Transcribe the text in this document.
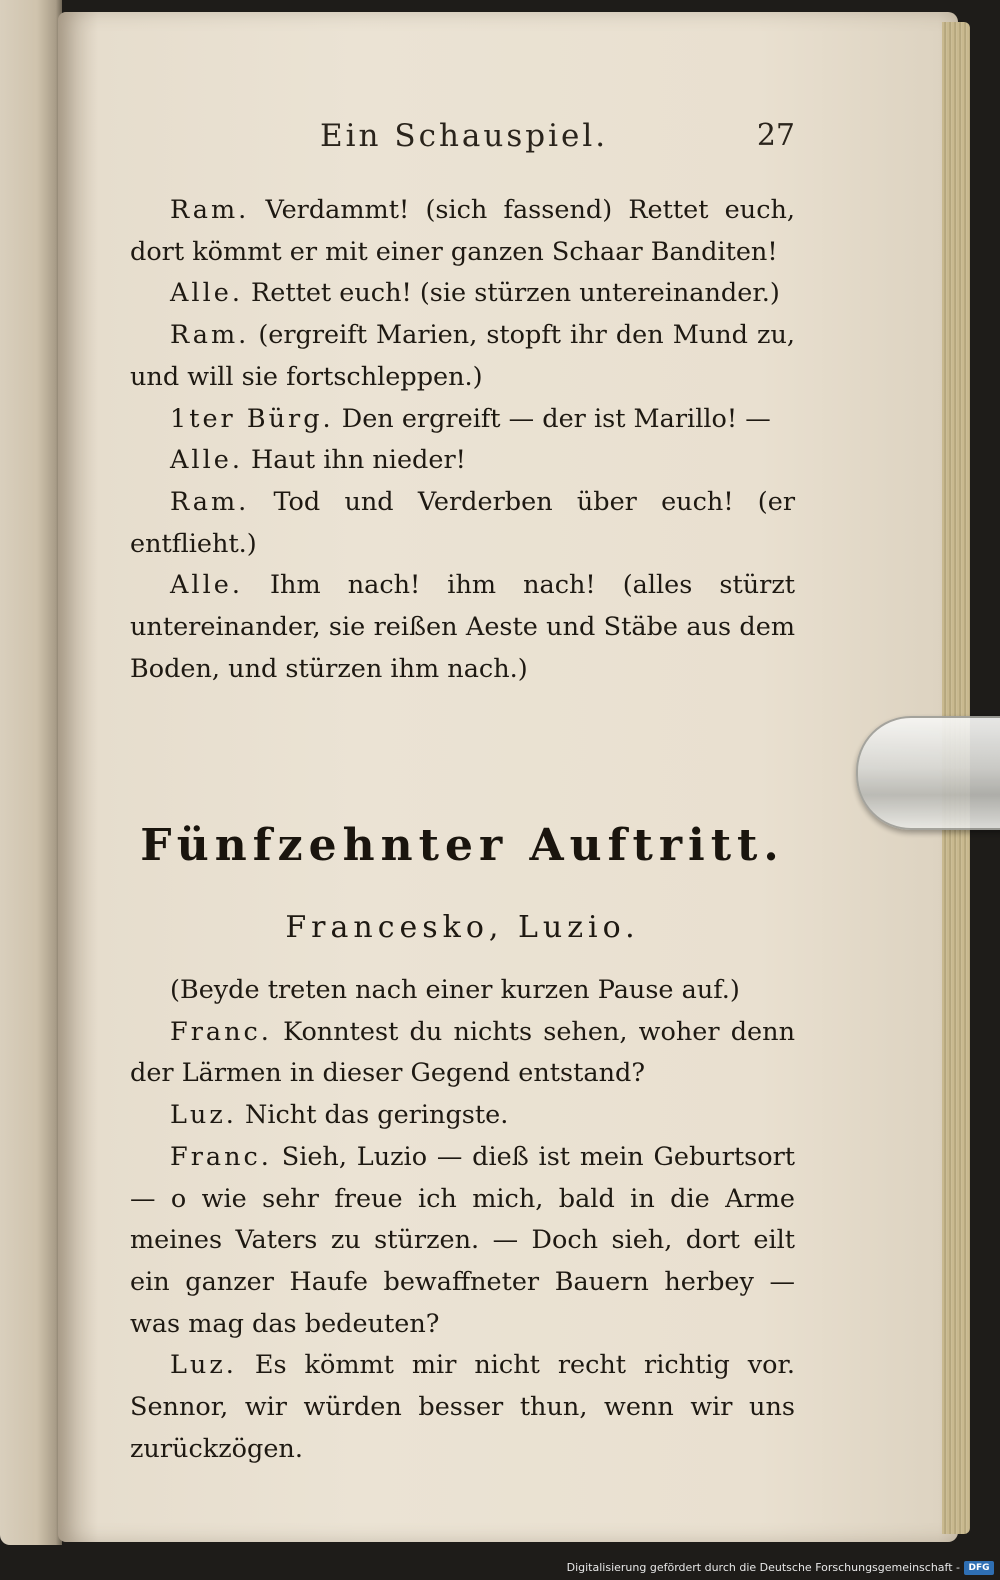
Ein Schauspiel.	27

Ram. Verdammt! (sich fassend) Rettet euch, dort kömmt er mit einer ganzen Schaar Banditen!

Alle. Rettet euch! (sie stürzen untereinander.)

Ram. (ergreift Marien, stopft ihr den Mund zu, und will sie fortschleppen.)

1ter Bürg. Den ergreift — der ist Marillo! —

Alle. Haut ihn nieder!

Ram. Tod und Verderben über euch! (er entflieht.)

Alle. Ihm nach! ihm nach! (alles stürzt untereinander, sie reißen Aeste und Stäbe aus dem Boden, und stürzen ihm nach.)

Fünfzehnter Auftritt.
Francesko, Luzio.

(Beyde treten nach einer kurzen Pause auf.)

Franc. Konntest du nichts sehen, woher denn der Lärmen in dieser Gegend entstand?

Luz. Nicht das geringste.

Franc. Sieh, Luzio — dieß ist mein Geburtsort — o wie sehr freue ich mich, bald in die Arme meines Vaters zu stürzen. — Doch sieh, dort eilt ein ganzer Haufe bewaffneter Bauern herbey — was mag das bedeuten?

Luz. Es kömmt mir nicht recht richtig vor. Sennor, wir würden besser thun, wenn wir uns zurückzögen.

Digitalisierung gefördert durch die Deutsche Forschungsgemeinschaft - DFG
